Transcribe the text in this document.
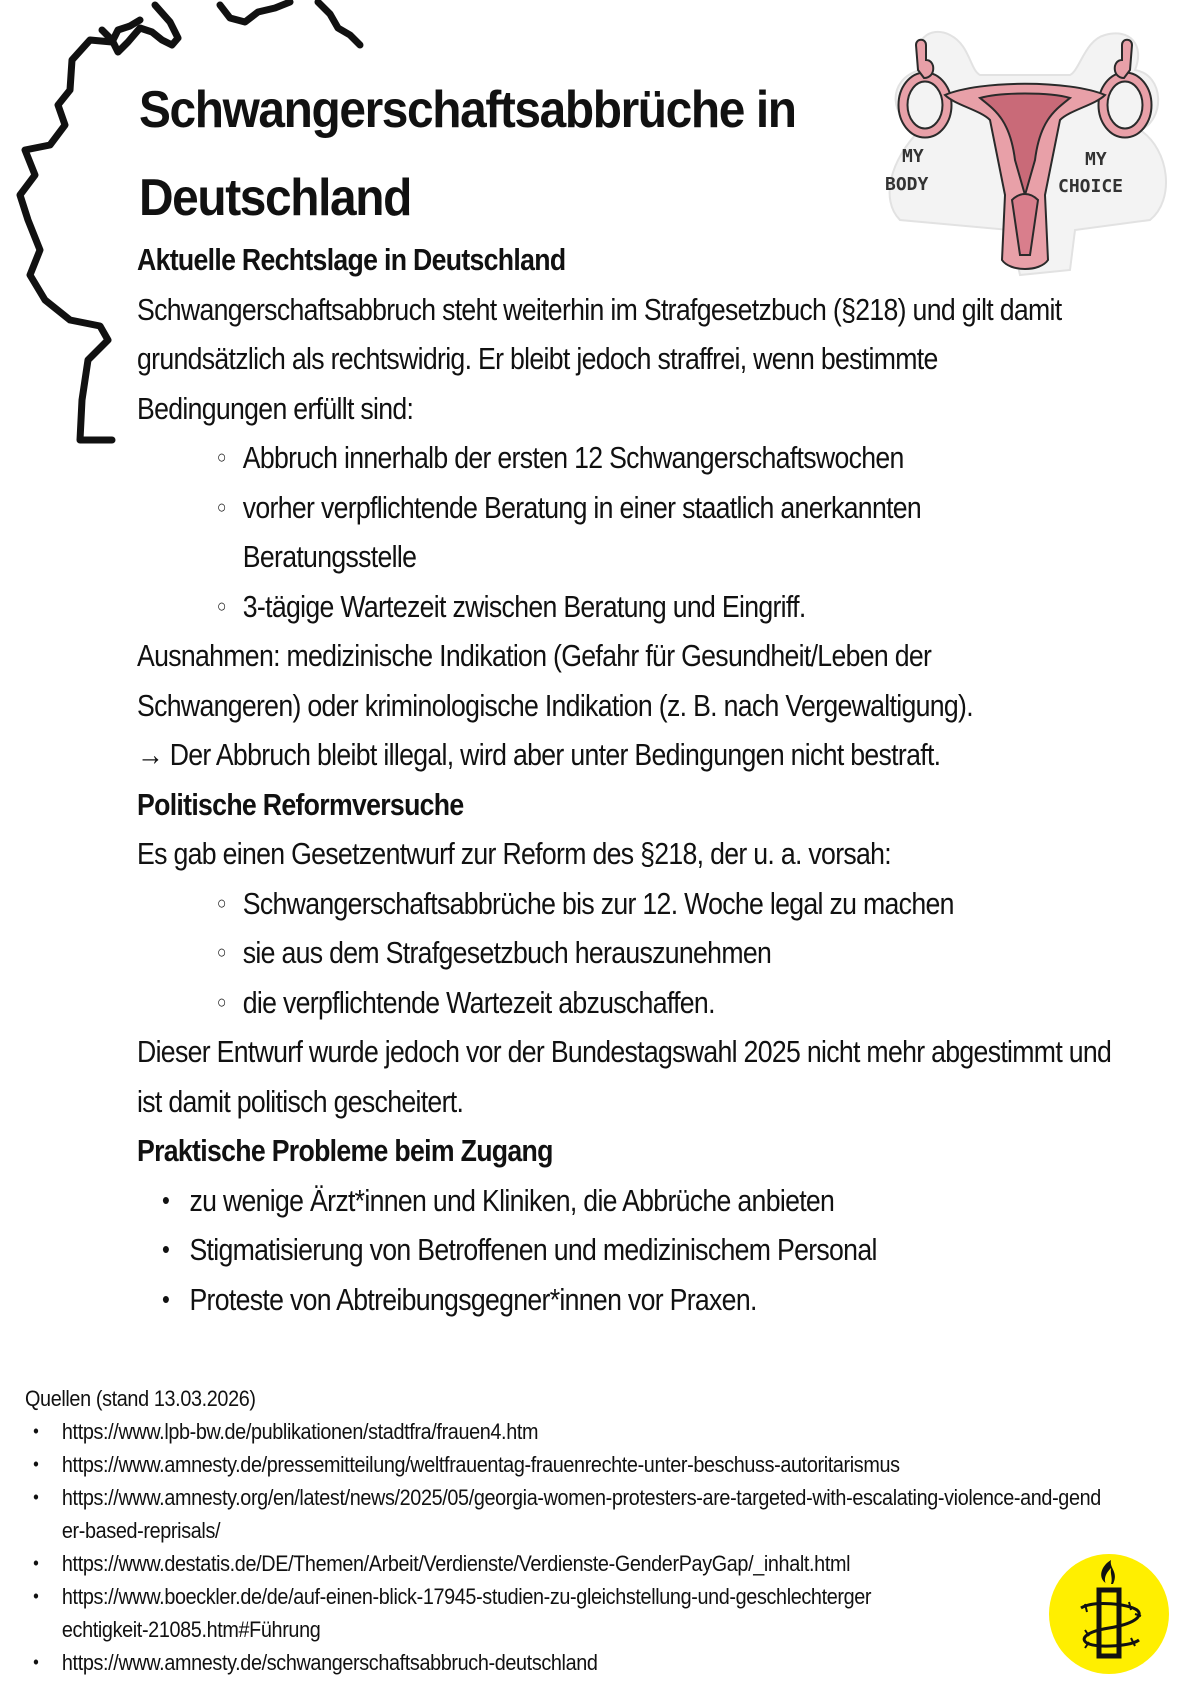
Schwangerschaftsabbrüche in Deutschland
MY
BODY
MY
CHOICE
Aktuelle Rechtslage in Deutschland

Schwangerschaftsabbruch steht weiterhin im Strafgesetzbuch (§218) und gilt damit grundsätzlich als rechtswidrig. Er bleibt jedoch straffrei, wenn bestimmte Bedingungen erfüllt sind:

○ Abbruch innerhalb der ersten 12 Schwangerschaftswochen
○ vorher verpflichtende Beratung in einer staatlich anerkannten Beratungsstelle
○ 3-tägige Wartezeit zwischen Beratung und Eingriff.

Ausnahmen: medizinische Indikation (Gefahr für Gesundheit/Leben der Schwangeren) oder kriminologische Indikation (z. B. nach Vergewaltigung).

→ Der Abbruch bleibt illegal, wird aber unter Bedingungen nicht bestraft.

Politische Reformversuche

Es gab einen Gesetzentwurf zur Reform des §218, der u. a. vorsah:

○ Schwangerschaftsabbrüche bis zur 12. Woche legal zu machen
○ sie aus dem Strafgesetzbuch herauszunehmen
○ die verpflichtende Wartezeit abzuschaffen.

Dieser Entwurf wurde jedoch vor der Bundestagswahl 2025 nicht mehr abgestimmt und ist damit politisch gescheitert.

Praktische Probleme beim Zugang
• zu wenige Ärzt*innen und Kliniken, die Abbrüche anbieten
• Stigmatisierung von Betroffenen und medizinischem Personal
• Proteste von Abtreibungsgegner*innen vor Praxen.
Quellen (stand 13.03.2026)
• https://www.lpb-bw.de/publikationen/stadtfra/frauen4.htm
• https://www.amnesty.de/pressemitteilung/weltfrauentag-frauenrechte-unter-beschuss-autoritarismus
• https://www.amnesty.org/en/latest/news/2025/05/georgia-women-protesters-are-targeted-with-escalating-violence-and-gender-based-reprisals/
• https://www.destatis.de/DE/Themen/Arbeit/Verdienste/Verdienste-GenderPayGap/_inhalt.html
• https://www.boeckler.de/de/auf-einen-blick-17945-studien-zu-gleichstellung-und-geschlechtergerechtigkeit-21085.htm#Führung
• https://www.amnesty.de/schwangerschaftsabbruch-deutschland
